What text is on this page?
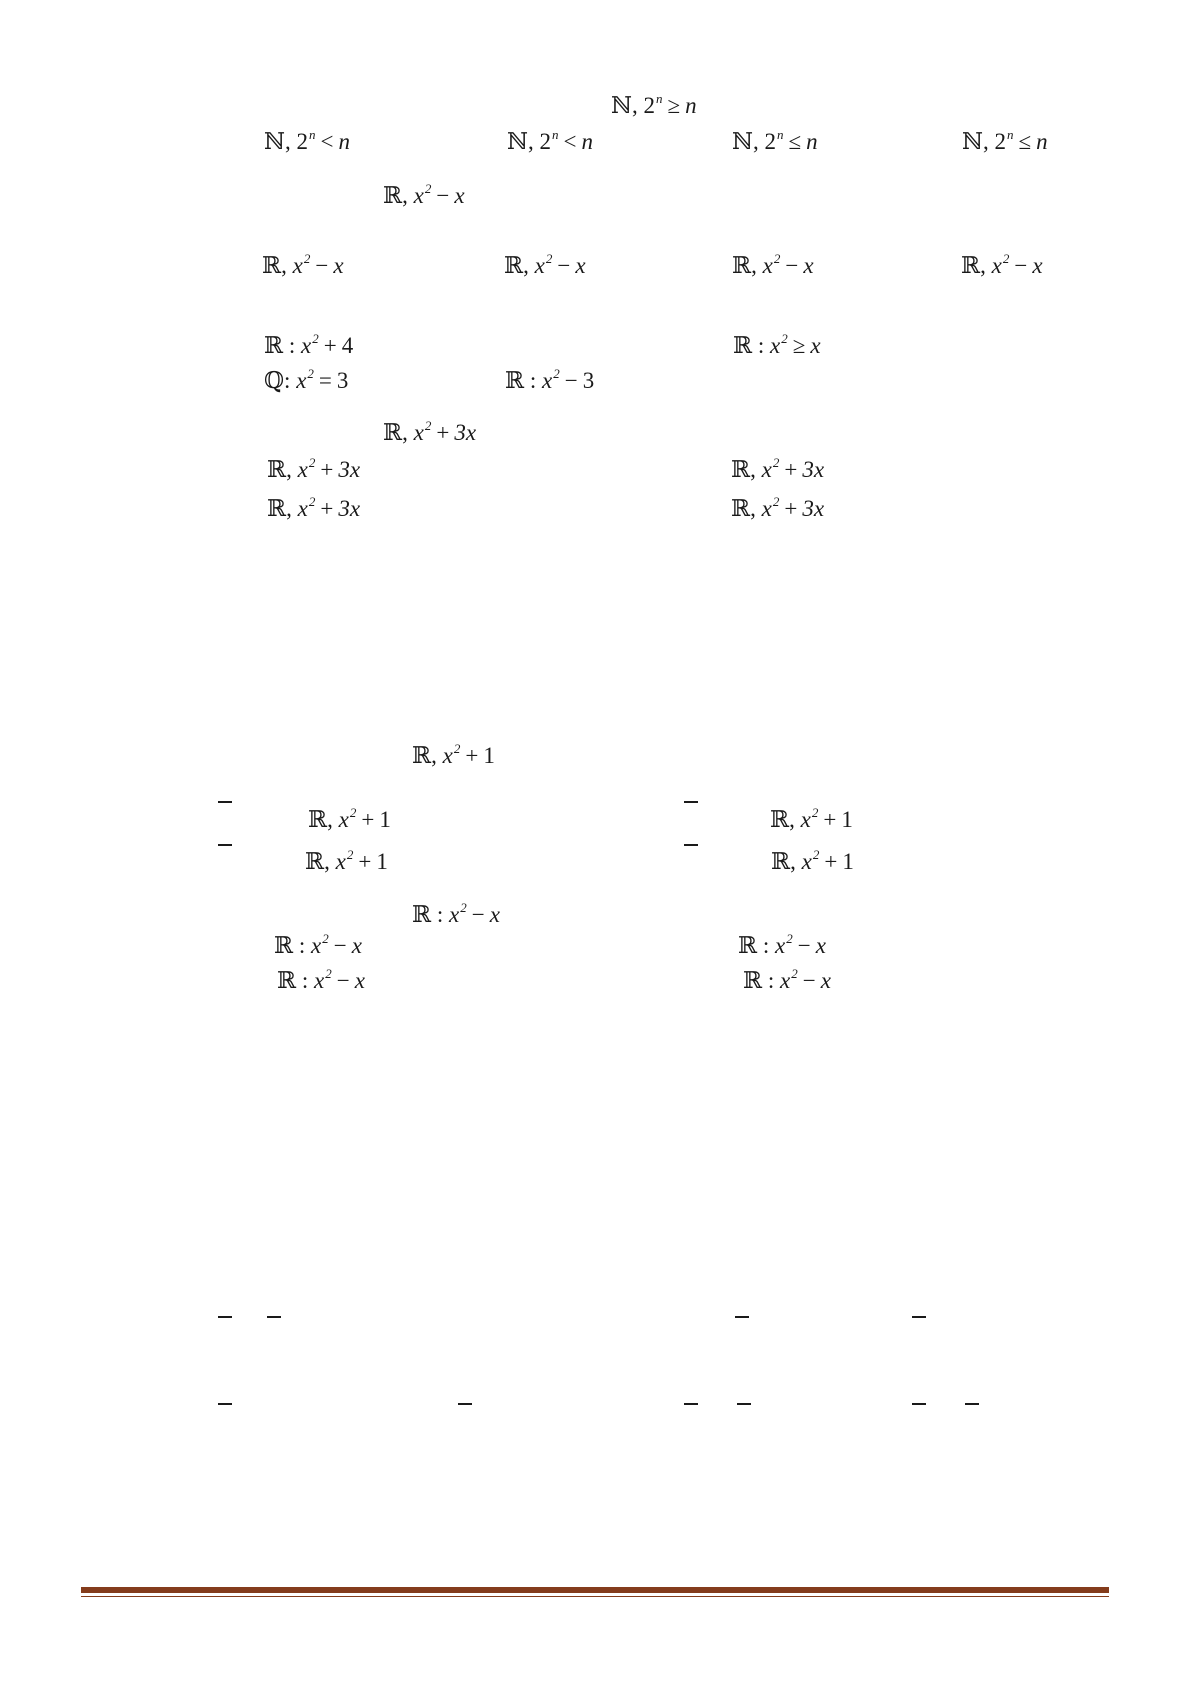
ℕ, $2^n \ge n$
ℕ, $2^n < n$	ℕ, $2^n < n$	ℕ, $2^n \le n$	ℕ, $2^n \le n$
ℝ, $x^2 - x$
ℝ, $x^2 - x$	ℝ, $x^2 - x$	ℝ, $x^2 - x$	ℝ, $x^2 - x$
ℝ : $x^2 + 4$	ℝ : $x^2 \ge x$
ℚ: $x^2 = 3$	ℝ : $x^2 - 3$
ℝ, $x^2 + 3x$
ℝ, $x^2 + 3x$	ℝ, $x^2 + 3x$
ℝ, $x^2 + 3x$	ℝ, $x^2 + 3x$
ℝ, $x^2 + 1$
ℝ, $x^2 + 1$	ℝ, $x^2 + 1$
ℝ, $x^2 + 1$	ℝ, $x^2 + 1$
ℝ : $x^2 - x$
ℝ : $x^2 - x$	ℝ : $x^2 - x$
ℝ : $x^2 - x$	ℝ : $x^2 - x$
